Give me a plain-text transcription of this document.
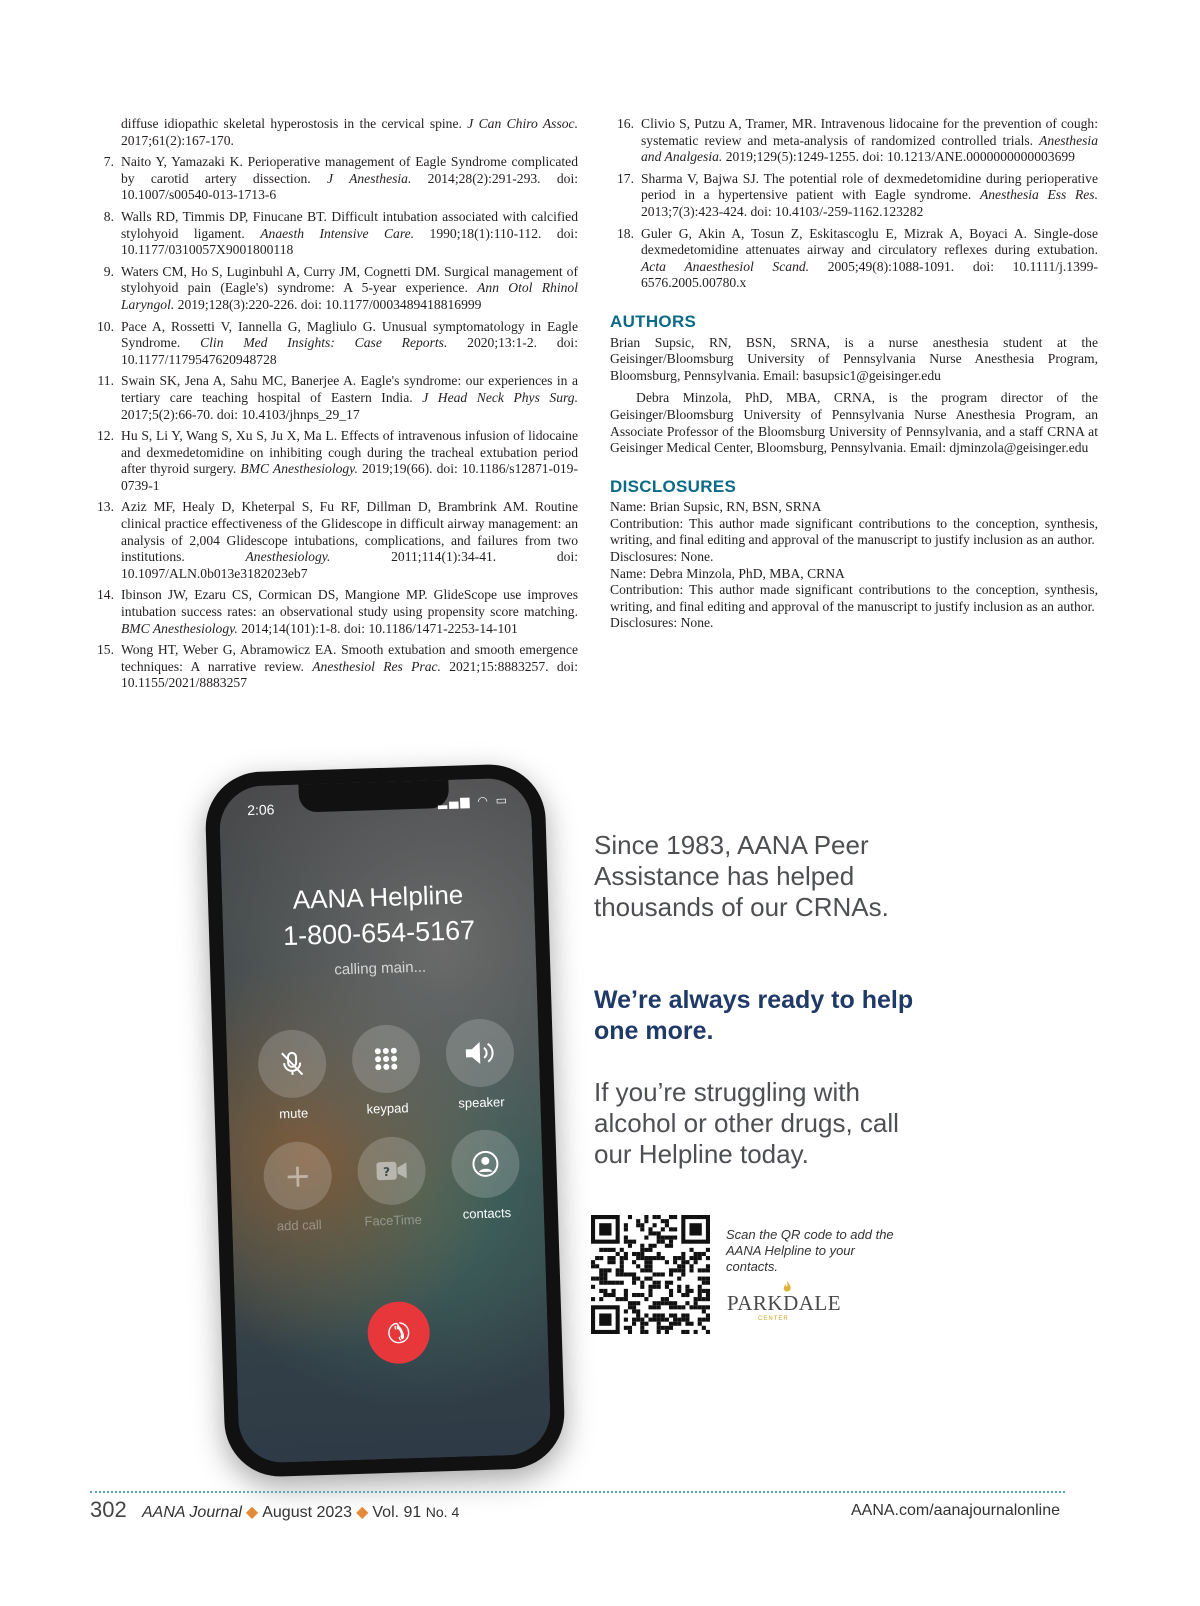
diffuse idiopathic skeletal hyperostosis in the cervical spine. J Can Chiro Assoc. 2017;61(2):167-170.
7. Naito Y, Yamazaki K. Perioperative management of Eagle Syndrome complicated by carotid artery dissection. J Anesthesia. 2014;28(2):291-293. doi: 10.1007/s00540-013-1713-6
8. Walls RD, Timmis DP, Finucane BT. Difficult intubation associated with calcified stylohyoid ligament. Anaesth Intensive Care. 1990;18(1):110-112. doi: 10.1177/0310057X9001800118
9. Waters CM, Ho S, Luginbuhl A, Curry JM, Cognetti DM. Surgical management of stylohyoid pain (Eagle's) syndrome: A 5-year experience. Ann Otol Rhinol Laryngol. 2019;128(3):220-226. doi: 10.1177/0003489418816999
10. Pace A, Rossetti V, Iannella G, Magliulo G. Unusual symptomatology in Eagle Syndrome. Clin Med Insights: Case Reports. 2020;13:1-2. doi: 10.1177/1179547620948728
11. Swain SK, Jena A, Sahu MC, Banerjee A. Eagle's syndrome: our experiences in a tertiary care teaching hospital of Eastern India. J Head Neck Phys Surg. 2017;5(2):66-70. doi: 10.4103/jhnps_29_17
12. Hu S, Li Y, Wang S, Xu S, Ju X, Ma L. Effects of intravenous infusion of lidocaine and dexmedetomidine on inhibiting cough during the tracheal extubation period after thyroid surgery. BMC Anesthesiology. 2019;19(66). doi: 10.1186/s12871-019-0739-1
13. Aziz MF, Healy D, Kheterpal S, Fu RF, Dillman D, Brambrink AM. Routine clinical practice effectiveness of the Glidescope in difficult airway management: an analysis of 2,004 Glidescope intubations, complications, and failures from two institutions. Anesthesiology. 2011;114(1):34-41. doi: 10.1097/ALN.0b013e3182023eb7
14. Ibinson JW, Ezaru CS, Cormican DS, Mangione MP. GlideScope use improves intubation success rates: an observational study using propensity score matching. BMC Anesthesiology. 2014;14(101):1-8. doi: 10.1186/1471-2253-14-101
15. Wong HT, Weber G, Abramowicz EA. Smooth extubation and smooth emergence techniques: A narrative review. Anesthesiol Res Prac. 2021;15:8883257. doi: 10.1155/2021/8883257
16. Clivio S, Putzu A, Tramer, MR. Intravenous lidocaine for the prevention of cough: systematic review and meta-analysis of randomized controlled trials. Anesthesia and Analgesia. 2019;129(5):1249-1255. doi: 10.1213/ANE.0000000000003699
17. Sharma V, Bajwa SJ. The potential role of dexmedetomidine during perioperative period in a hypertensive patient with Eagle syndrome. Anesthesia Ess Res. 2013;7(3):423-424. doi: 10.4103/-259-1162.123282
18. Guler G, Akin A, Tosun Z, Eskitascoglu E, Mizrak A, Boyaci A. Single-dose dexmedetomidine attenuates airway and circulatory reflexes during extubation. Acta Anaesthesiol Scand. 2005;49(8):1088-1091. doi: 10.1111/j.1399-6576.2005.00780.x
AUTHORS

Brian Supsic, RN, BSN, SRNA, is a nurse anesthesia student at the Geisinger/Bloomsburg University of Pennsylvania Nurse Anesthesia Program, Bloomsburg, Pennsylvania. Email: basupsic1@geisinger.edu

Debra Minzola, PhD, MBA, CRNA, is the program director of the Geisinger/Bloomsburg University of Pennsylvania Nurse Anesthesia Program, an Associate Professor of the Bloomsburg University of Pennsylvania, and a staff CRNA at Geisinger Medical Center, Bloomsburg, Pennsylvania. Email: djminzola@geisinger.edu

DISCLOSURES
Name: Brian Supsic, RN, BSN, SRNA
Contribution: This author made significant contributions to the conception, synthesis, writing, and final editing and approval of the manuscript to justify inclusion as an author.
Disclosures: None.
Name: Debra Minzola, PhD, MBA, CRNA
Contribution: This author made significant contributions to the conception, synthesis, writing, and final editing and approval of the manuscript to justify inclusion as an author.
Disclosures: None.
2:06	▂▄▆ ◠ ▭
AANA Helpline
1-800-654-5167
calling main...
mute	keypad	speaker
+
add call
?
FaceTime	contacts
✆
Since 1983, AANA Peer Assistance has helped thousands of our CRNAs.
We’re always ready to help one more.
If you’re struggling with alcohol or other drugs, call our Helpline today.
Scan the QR code to add the AANA Helpline to your contacts.
PARKDALE
CENTER
302 AANA Journal ◆ August 2023 ◆ Vol. 91 No. 4	AANA.com/aanajournalonline
